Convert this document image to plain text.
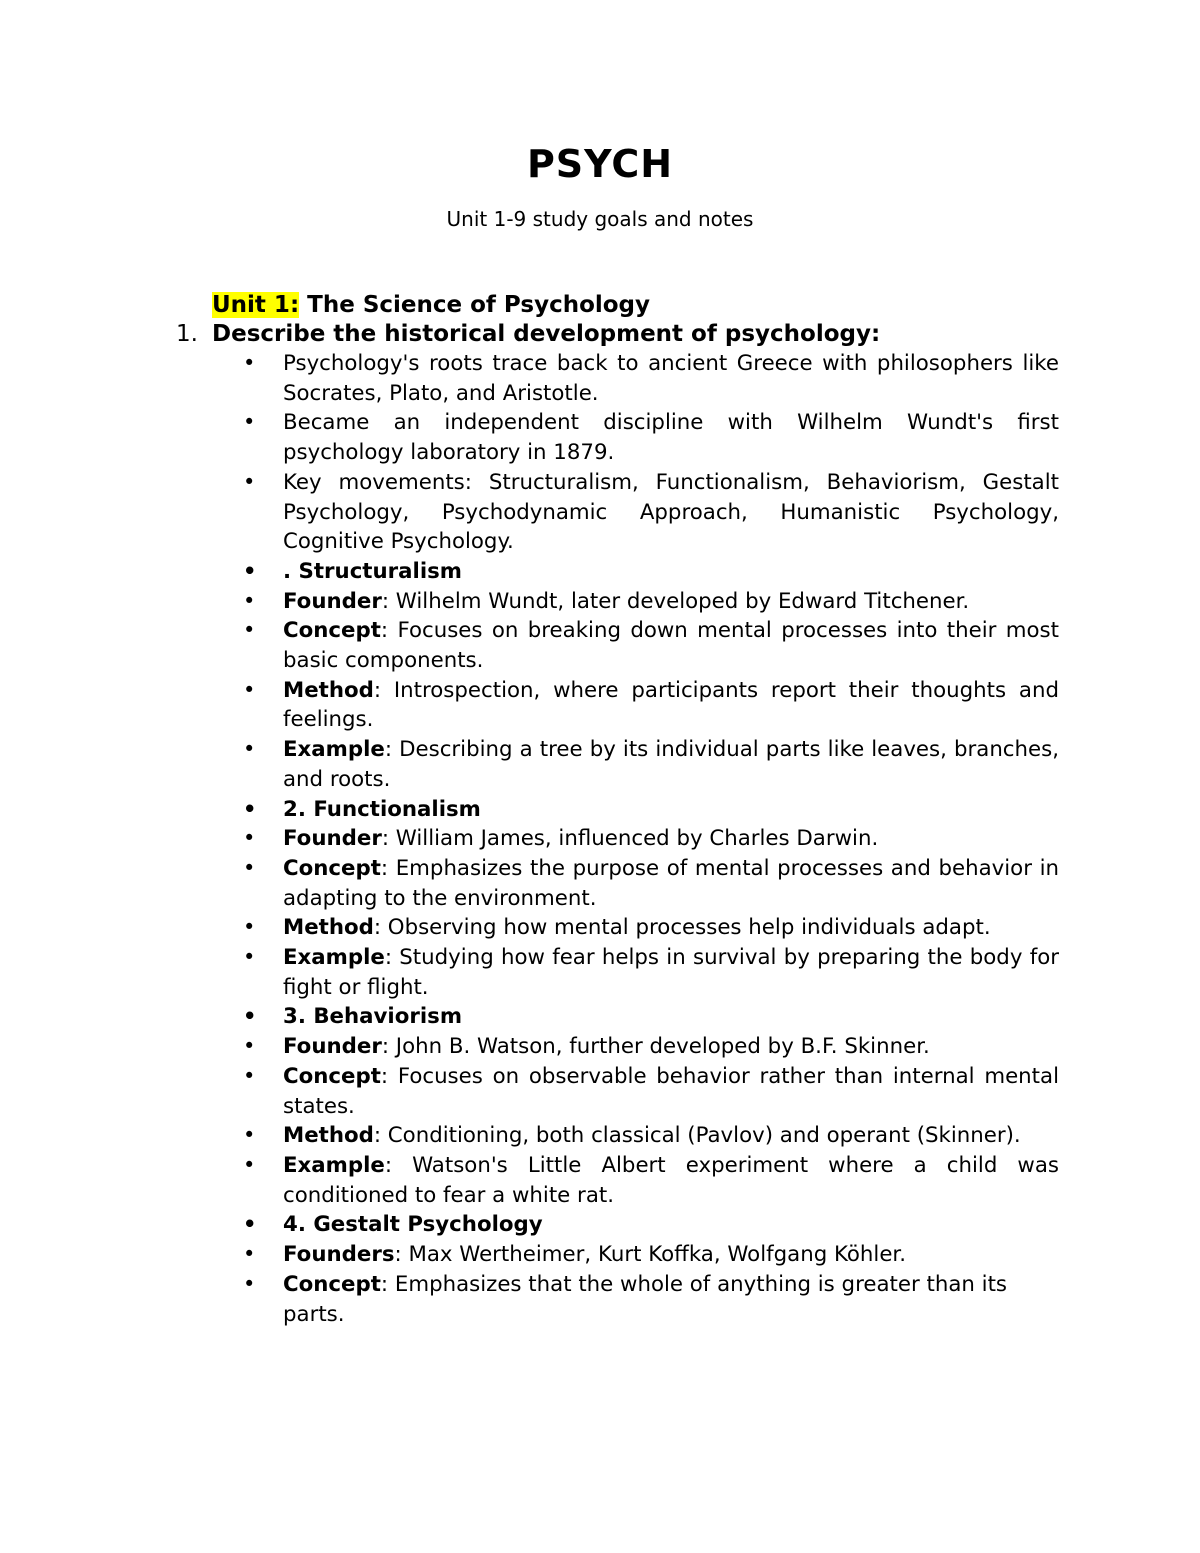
PSYCH
Unit 1-9 study goals and notes
Unit 1: The Science of Psychology
1. Describe the historical development of psychology:
• Psychology's roots trace back to ancient Greece with philosophers like Socrates, Plato, and Aristotle.
• Became an independent discipline with Wilhelm Wundt's first psychology laboratory in 1879.
• Key movements: Structuralism, Functionalism, Behaviorism, Gestalt Psychology, Psychodynamic Approach, Humanistic Psychology, Cognitive Psychology.
• . Structuralism
• Founder: Wilhelm Wundt, later developed by Edward Titchener.
• Concept: Focuses on breaking down mental processes into their most basic components.
• Method: Introspection, where participants report their thoughts and feelings.
• Example: Describing a tree by its individual parts like leaves, branches, and roots.
• 2. Functionalism
• Founder: William James, influenced by Charles Darwin.
• Concept: Emphasizes the purpose of mental processes and behavior in adapting to the environment.
• Method: Observing how mental processes help individuals adapt.
• Example: Studying how fear helps in survival by preparing the body for fight or flight.
• 3. Behaviorism
• Founder: John B. Watson, further developed by B.F. Skinner.
• Concept: Focuses on observable behavior rather than internal mental states.
• Method: Conditioning, both classical (Pavlov) and operant (Skinner).
• Example: Watson's Little Albert experiment where a child was conditioned to fear a white rat.
• 4. Gestalt Psychology
• Founders: Max Wertheimer, Kurt Koffka, Wolfgang Köhler.
• Concept: Emphasizes that the whole of anything is greater than its parts.
